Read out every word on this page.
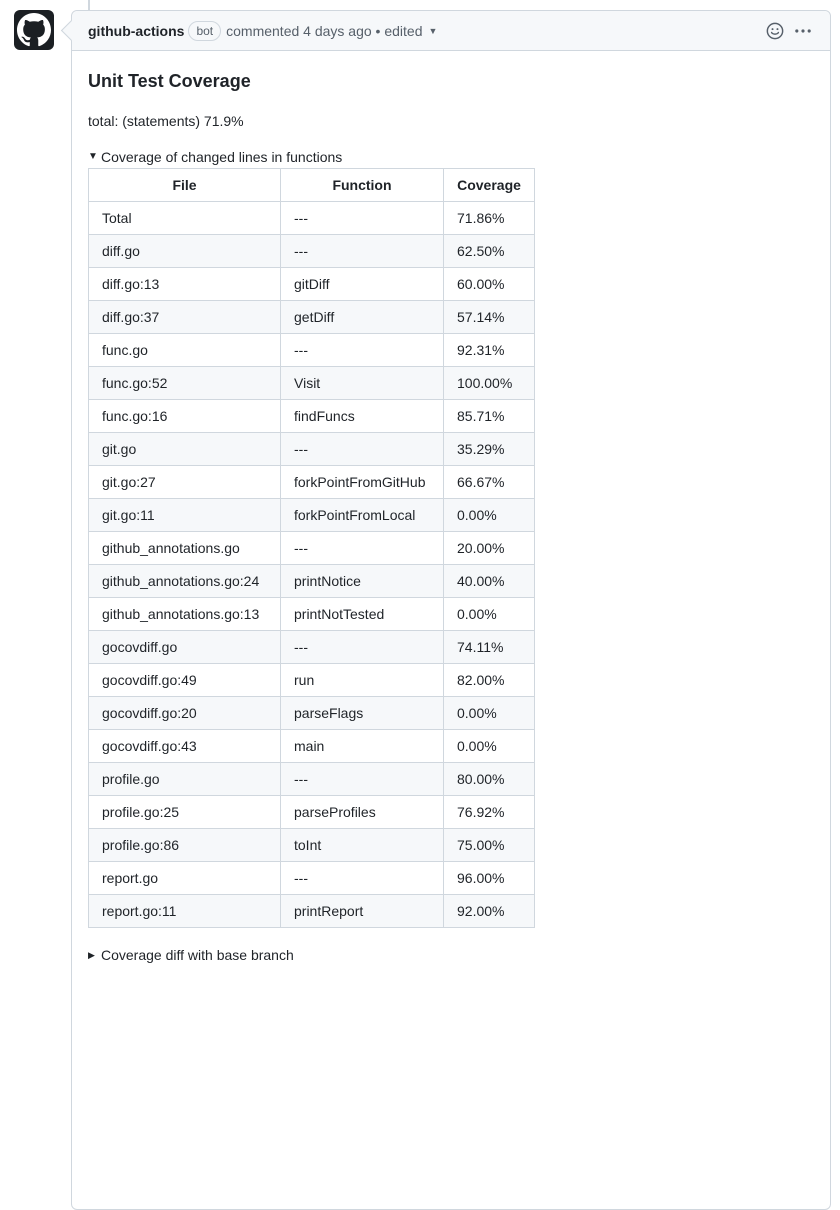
github-actions	bot commented 4 days ago • edited ▼
Unit Test Coverage

total: (statements) 71.9%

▼ Coverage of changed lines in functions
File	Function	Coverage
Total	---	71.86%
diff.go	---	62.50%
diff.go:13	gitDiff	60.00%
diff.go:37	getDiff	57.14%
func.go	---	92.31%
func.go:52	Visit	100.00%
func.go:16	findFuncs	85.71%
git.go	---	35.29%
git.go:27	forkPointFromGitHub	66.67%
git.go:11	forkPointFromLocal	0.00%
github_annotations.go	---	20.00%
github_annotations.go:24	printNotice	40.00%
github_annotations.go:13	printNotTested	0.00%
gocovdiff.go	---	74.11%
gocovdiff.go:49	run	82.00%
gocovdiff.go:20	parseFlags	0.00%
gocovdiff.go:43	main	0.00%
profile.go	---	80.00%
profile.go:25	parseProfiles	76.92%
profile.go:86	toInt	75.00%
report.go	---	96.00%
report.go:11	printReport	92.00%
▶ Coverage diff with base branch
